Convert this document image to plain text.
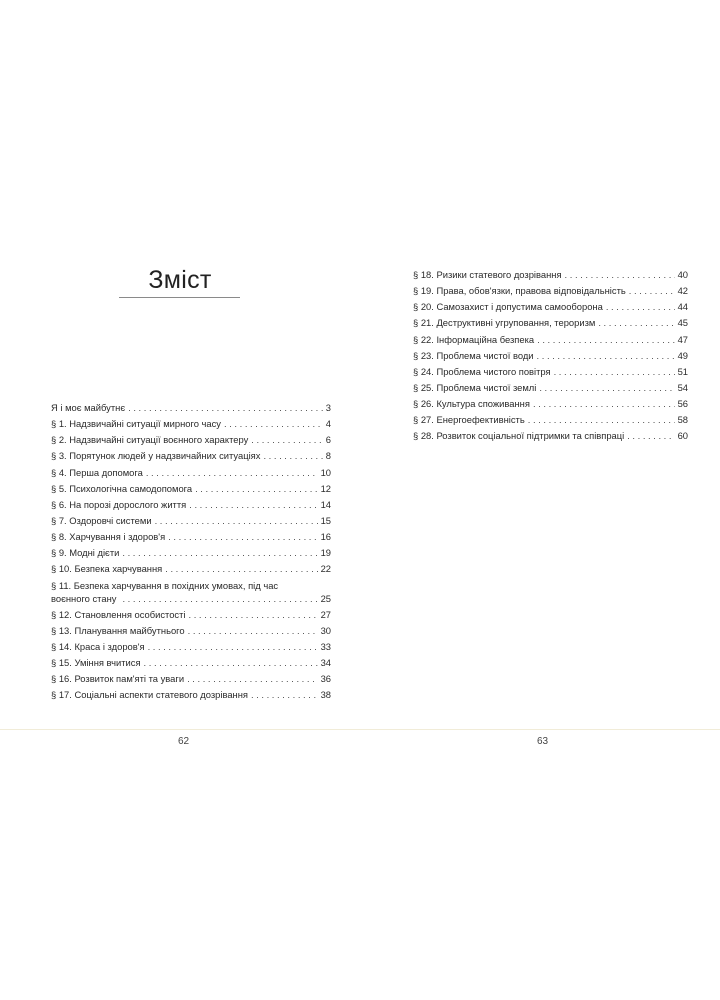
Зміст
Я і моє майбутнє . . .	3
§ 1. Надзвичайні ситуації мирного часу . . .	4
§ 2. Надзвичайні ситуації воєнного характеру . . .	6
§ 3. Порятунок людей у надзвичайних ситуаціях . . .	8
§ 4. Перша допомога . . .	10
§ 5. Психологічна самодопомога . . .	12
§ 6. На порозі дорослого життя . . .	14
§ 7. Оздоровчі системи . . .	15
§ 8. Харчування і здоров'я . . .	16
§ 9. Модні дієти . . .	19
§ 10. Безпека харчування . . .	22
§ 11. Безпека харчування в похідних умовах, під час
воєнного стану . . .	25
§ 12. Становлення особистості . . .	27
§ 13. Планування майбутнього . . .	30
§ 14. Краса і здоров'я . . .	33
§ 15. Уміння вчитися . . .	34
§ 16. Розвиток пам'яті та уваги . . .	36
§ 17. Соціальні аспекти статевого дозрівання . . .	38
§ 18. Ризики статевого дозрівання . . .	40
§ 19. Права, обов'язки, правова відповідальність . . .	42
§ 20. Самозахист і допустима самооборона . . .	44
§ 21. Деструктивні угруповання, тероризм . . .	45
§ 22. Інформаційна безпека . . .	47
§ 23. Проблема чистої води . . .	49
§ 24. Проблема чистого повітря . . .	51
§ 25. Проблема чистої землі . . .	54
§ 26. Культура споживання . . .	56
§ 27. Енергоефективність . . .	58
§ 28. Розвиток соціальної підтримки та співпраці . . .	60
62	63
